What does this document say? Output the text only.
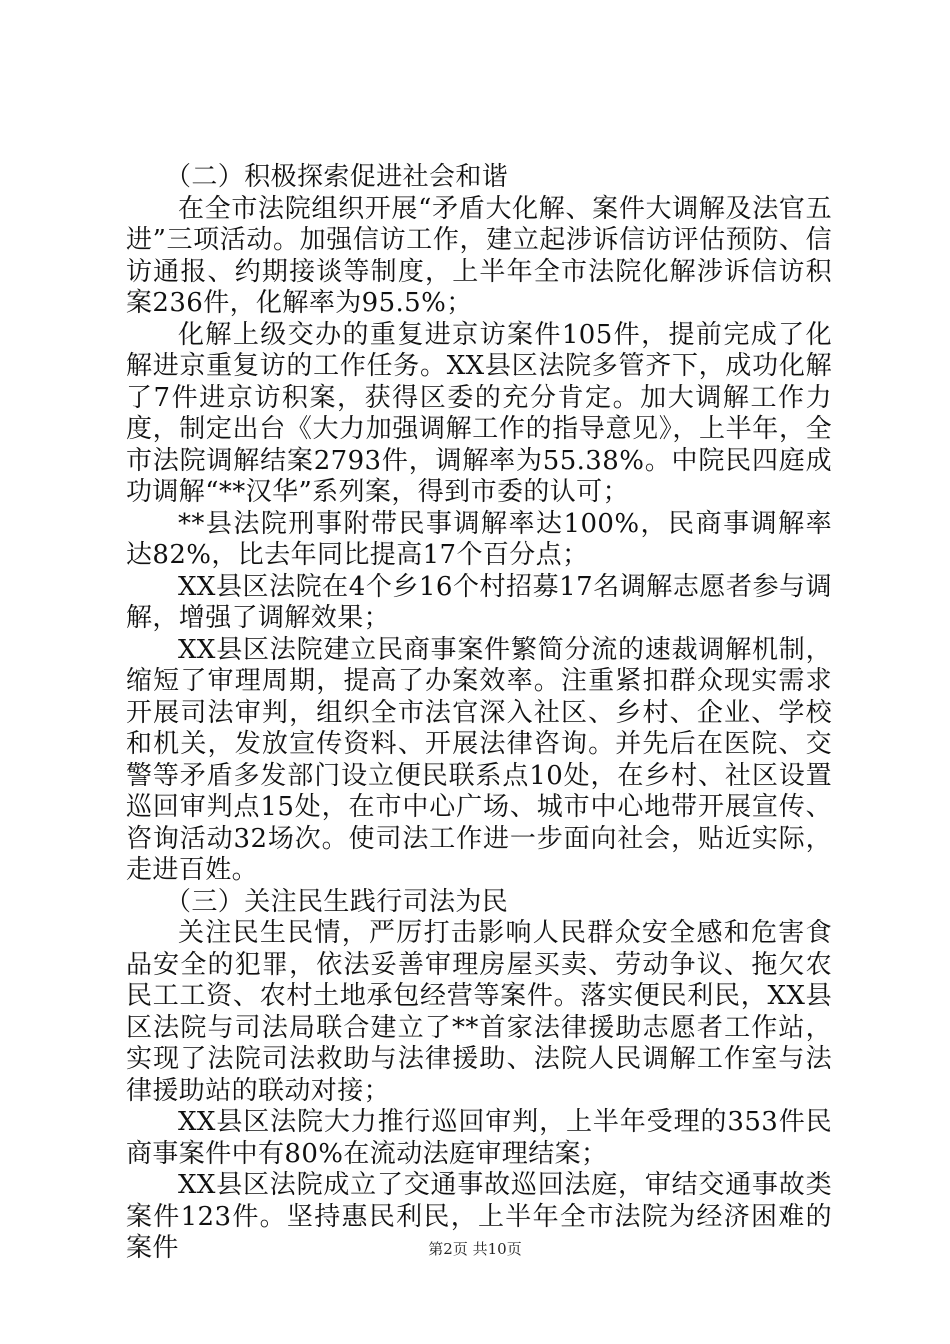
（二）积极探索促进社会和谐

在全市法院组织开展“矛盾大化解、案件大调解及法官五进”三项活动。加强信访工作，建立起涉诉信访评估预防、信访通报、约期接谈等制度，上半年全市法院化解涉诉信访积案236件，化解率为95.5%；

化解上级交办的重复进京访案件105件，提前完成了化解进京重复访的工作任务。XX县区法院多管齐下，成功化解了7件进京访积案，获得区委的充分肯定。加大调解工作力度，制定出台《大力加强调解工作的指导意见》，上半年，全市法院调解结案2793件，调解率为55.38%。中院民四庭成功调解“**汉华”系列案，得到市委的认可；

**县法院刑事附带民事调解率达100%，民商事调解率达82%，比去年同比提高17个百分点；

XX县区法院在4个乡16个村招募17名调解志愿者参与调解，增强了调解效果；

XX县区法院建立民商事案件繁简分流的速裁调解机制，缩短了审理周期，提高了办案效率。注重紧扣群众现实需求开展司法审判，组织全市法官深入社区、乡村、企业、学校和机关，发放宣传资料、开展法律咨询。并先后在医院、交警等矛盾多发部门设立便民联系点10处，在乡村、社区设置巡回审判点15处，在市中心广场、城市中心地带开展宣传、咨询活动32场次。使司法工作进一步面向社会，贴近实际，走进百姓。

（三）关注民生践行司法为民

关注民生民情，严厉打击影响人民群众安全感和危害食品安全的犯罪，依法妥善审理房屋买卖、劳动争议、拖欠农民工工资、农村土地承包经营等案件。落实便民利民，XX县区法院与司法局联合建立了**首家法律援助志愿者工作站，实现了法院司法救助与法律援助、法院人民调解工作室与法律援助站的联动对接；

XX县区法院大力推行巡回审判，上半年受理的353件民商事案件中有80%在流动法庭审理结案；

XX县区法院成立了交通事故巡回法庭，审结交通事故类案件123件。坚持惠民利民，上半年全市法院为经济困难的案件	第2页 共10页
